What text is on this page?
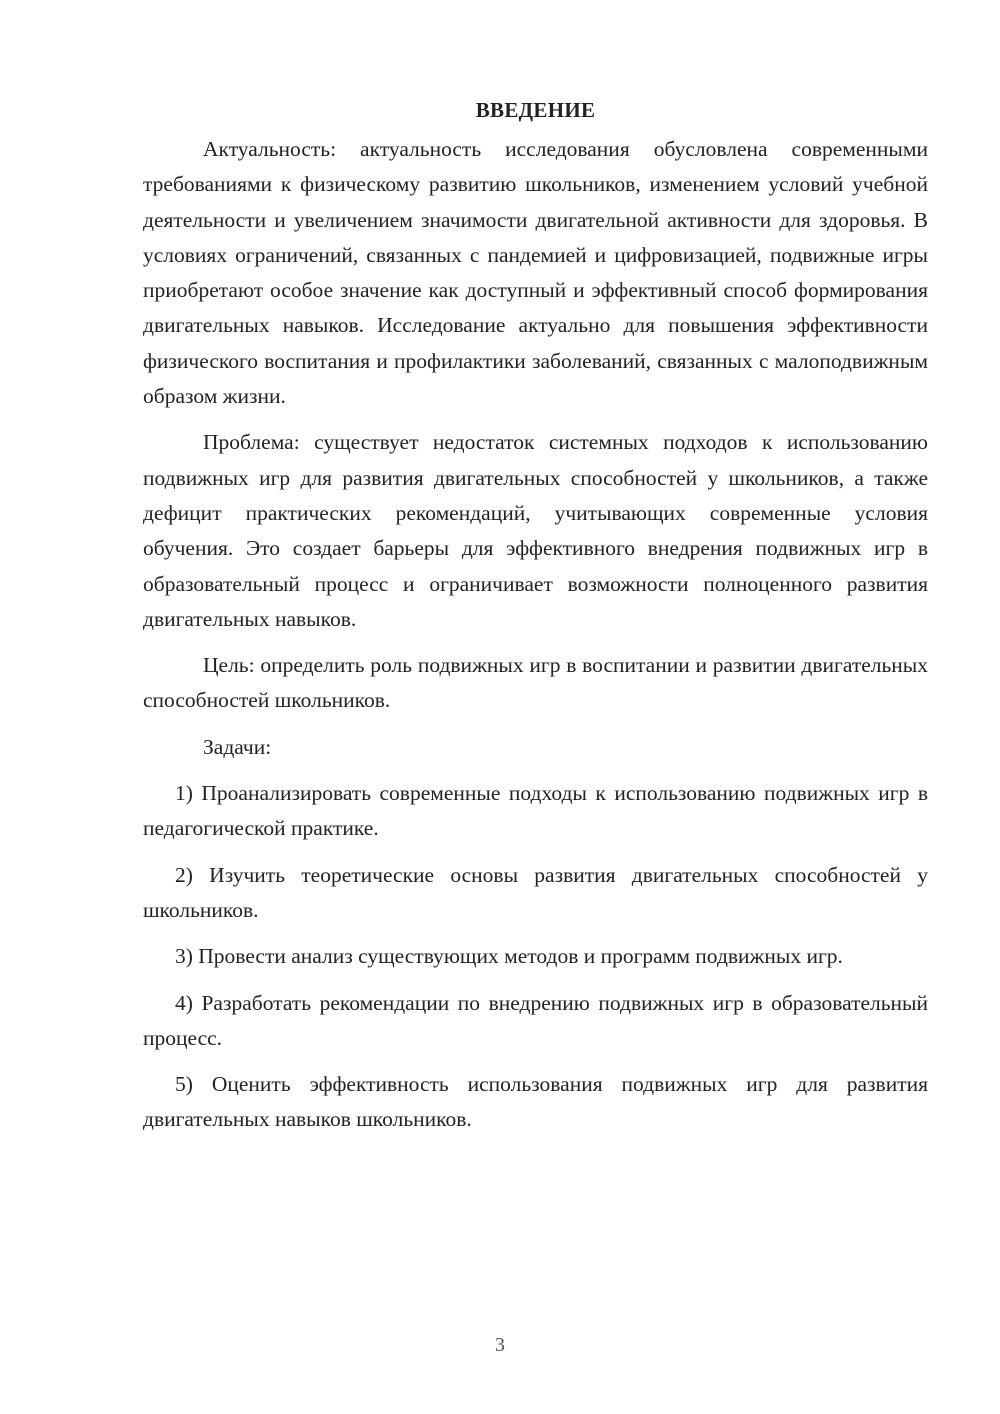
ВВЕДЕНИЕ

Актуальность: актуальность исследования обусловлена современными требованиями к физическому развитию школьников, изменением условий учебной деятельности и увеличением значимости двигательной активности для здоровья. В условиях ограничений, связанных с пандемией и цифровизацией, подвижные игры приобретают особое значение как доступный и эффективный способ формирования двигательных навыков. Исследование актуально для повышения эффективности физического воспитания и профилактики заболеваний, связанных с малоподвижным образом жизни.

Проблема: существует недостаток системных подходов к использованию подвижных игр для развития двигательных способностей у школьников, а также дефицит практических рекомендаций, учитывающих современные условия обучения. Это создает барьеры для эффективного внедрения подвижных игр в образовательный процесс и ограничивает возможности полноценного развития двигательных навыков.

Цель: определить роль подвижных игр в воспитании и развитии двигательных способностей школьников.

Задачи:

1) Проанализировать современные подходы к использованию подвижных игр в педагогической практике.

2) Изучить теоретические основы развития двигательных способностей у школьников.

3) Провести анализ существующих методов и программ подвижных игр.

4) Разработать рекомендации по внедрению подвижных игр в образовательный процесс.

5) Оценить эффективность использования подвижных игр для развития двигательных навыков школьников.

3
